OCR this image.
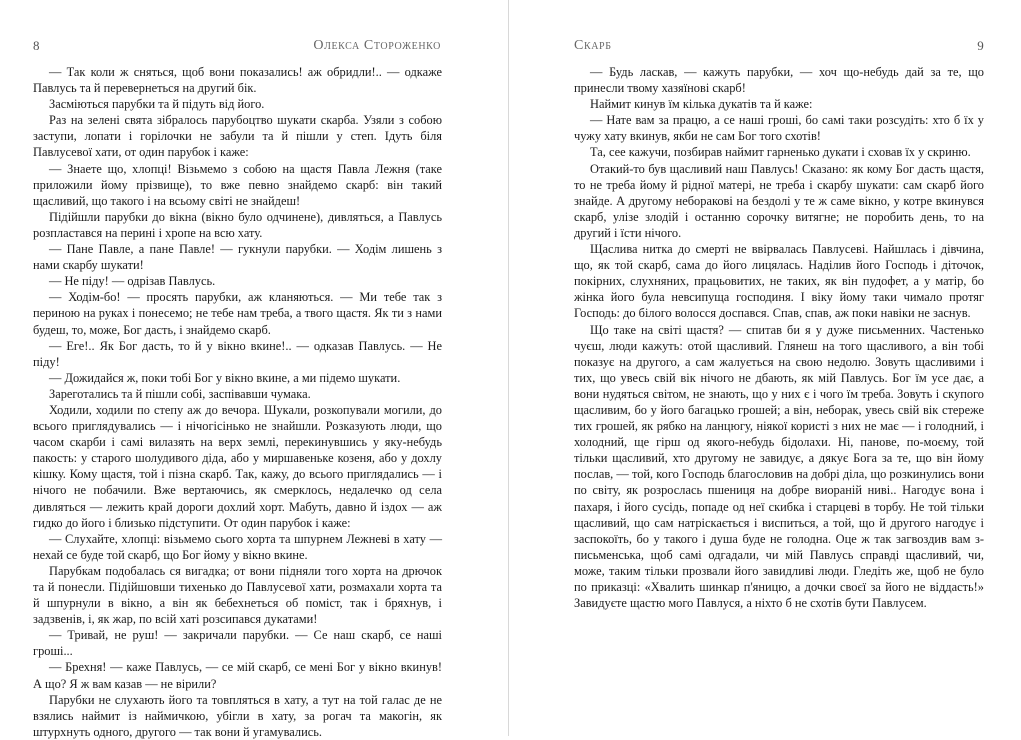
8	Олекса Стороженко

— Так коли ж сняться, щоб вони показались! аж обридли!.. — одкаже Павлусь та й перевернеться на другий бік.

Засміються парубки та й підуть від його.

Раз на зелені свята зібралось парубоцтво шукати скарба. Узяли з собою заступи, лопати і горілочки не забули та й пішли у степ. Ідуть біля Павлусевої хати, от один парубок і каже:

— Знаете що, хлопці! Візьмемо з собою на щастя Павла Лежня (таке приложили йому прізвище), то вже певно знайдемо скарб: він такий щасливий, що такого і на всьому світі не знайдеш!

Підійшли парубки до вікна (вікно було одчинене), дивляться, а Павлусь розпластався на перині і хропе на всю хату.

— Пане Павле, а пане Павле! — гукнули парубки. — Ходім лишень з нами скарбу шукати!

— Не піду! — одрізав Павлусь.

— Ходім-бо! — просять парубки, аж кланяються. — Ми тебе так з периною на руках і понесемо; не тебе нам треба, а твого щастя. Як ти з нами будеш, то, може, Бог дасть, і знайдемо скарб.

— Еге!.. Як Бог дасть, то й у вікно вкине!.. — одказав Павлусь. — Не піду!

— Дожидайся ж, поки тобі Бог у вікно вкине, а ми підемо шукати.

Зареготались та й пішли собі, заспівавши чумака.

Ходили, ходили по степу аж до вечора. Шукали, розкопували могили, до всього приглядувались — і нічогісінько не знайшли. Розказують люди, що часом скарби і самі вилазять на верх землі, перекинувшись у яку-небудь пакость: у старого шолудивого діда, або у миршавеньке козеня, або у дохлу кішку. Кому щастя, той і пізна скарб. Так, кажу, до всього приглядались — і нічого не побачили. Вже вертаючись, як смерклось, недалечко од села дивляться — лежить край дороги дохлий хорт. Мабуть, давно й іздох — аж гидко до його і близько підступити. От один парубок і каже:

— Слухайте, хлопці: візьмемо сього хорта та шпурнем Лежневі в хату — нехай се буде той скарб, що Бог йому у вікно вкине.

Парубкам подобалась ся вигадка; от вони підняли того хорта на дрючок та й понесли. Підійшовши тихенько до Павлусевої хати, розмахали хорта та й шпурнули в вікно, а він як бебехнеться об поміст, так і бряхнув, і задзвенів, і, як жар, по всій хаті розсипався дукатами!

— Тривай, не руш! — закричали парубки. — Се наш скарб, се наші гроші...

— Брехня! — каже Павлусь, — се мій скарб, се мені Бог у вікно вкинув! А що? Я ж вам казав — не вірили?

Парубки не слухають його та товпляться в хату, а тут на той галас де не взялись наймит із наймичкою, убігли в хату, за рогач та макогін, як штурхнуть одного, другого — так вони й угамувались.

Скарб	9

— Будь ласкав, — кажуть парубки, — хоч що-небудь дай за те, що принесли твому хазяїнові скарб!

Наймит кинув їм кілька дукатів та й каже:

— Нате вам за працю, а се наші гроші, бо самі таки розсудіть: хто б їх у чужу хату вкинув, якби не сам Бог того схотів!

Та, сее кажучи, позбирав наймит гарненько дукати і сховав їх у скриню.

Отакий-то був щасливий наш Павлусь! Сказано: як кому Бог дасть щастя, то не треба йому й рідної матері, не треба і скарбу шукати: сам скарб його знайде. А другому неборакові на бездолі у те ж саме вікно, у котре вкинувся скарб, улізе злодій і останню сорочку витягне; не поробить день, то на другий і їсти нічого.

Щаслива нитка до смерті не ввірвалась Павлусеві. Найшлась і дівчина, що, як той скарб, сама до його лицялась. Наділив його Господь і діточок, покірних, слухняних, працьовитих, не таких, як він пудофет, а у матір, бо жінка його була невсипуща господиня. І віку йому таки чимало протяг Господь: до білого волосся доспався. Спав, спав, аж поки навіки не заснув.

Що таке на світі щастя? — спитав би я у дуже письменних. Частенько чуєш, люди кажуть: отой щасливий. Глянеш на того щасливого, а він тобі показує на другого, а сам жалується на свою недолю. Зовуть щасливими і тих, що увесь свій вік нічого не дбають, як мій Павлусь. Бог їм усе дає, а вони нудяться світом, не знають, що у них є і чого їм треба. Зовуть і скупого щасливим, бо у його багацько грошей; а він, неборак, увесь свій вік стереже тих грошей, як рябко на ланцюгу, ніякої користі з них не має — і голодний, і холодний, ще гірш од якого-небудь бідолахи. Ні, панове, по-моєму, той тільки щасливий, хто другому не завидує, а дякує Бога за те, що він йому послав, — той, кого Господь благословив на добрі діла, що розкинулись вони по світу, як розрослась пшениця на добре виораній ниві.. Нагодує вона і пахаря, і його сусідь, попаде од неї скибка і старцеві в торбу. Не той тільки щасливий, що сам натріскається і виспиться, а той, що й другого нагодує і заспокоїть, бо у такого і душа буде не голодна. Оце ж так загвоздив вам з-письменська, щоб самі одгадали, чи мій Павлусь справді щасливий, чи, може, таким тільки прозвали його завидливі люди. Гледіть же, щоб не було по приказці: «Хвалить шинкар п'яницю, а дочки своєї за його не віддасть!» Завидуєте щастю мого Павлуся, а ніхто б не схотів бути Павлусем.
